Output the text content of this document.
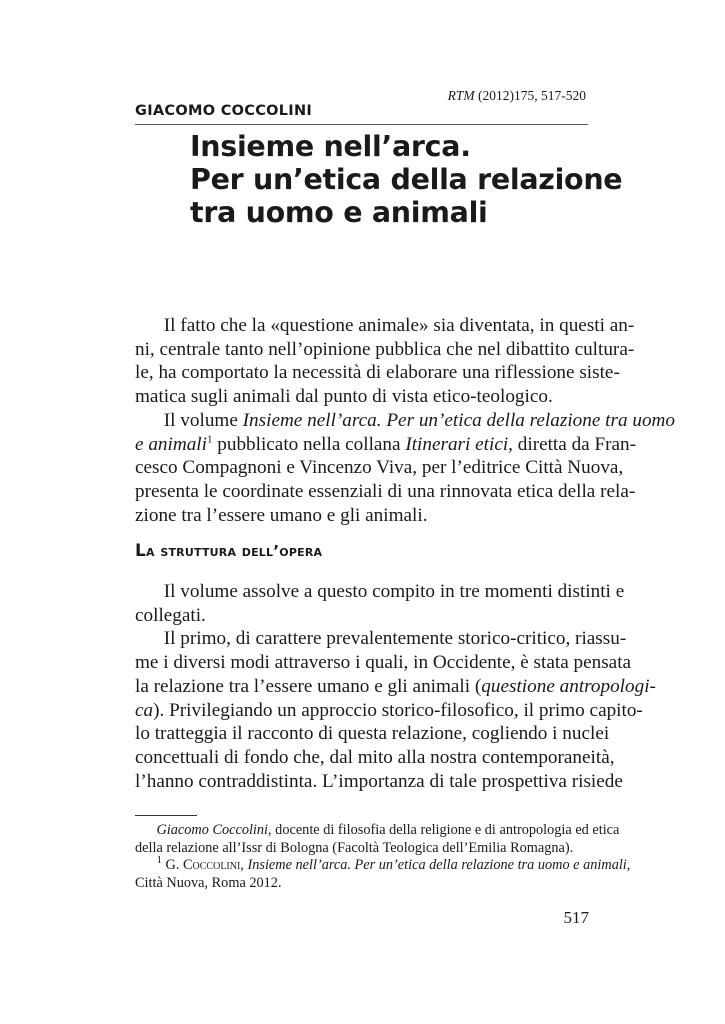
RTM (2012)175, 517-520
GIACOMO COCCOLINI
Insieme nell’arca.
Per un’etica della relazione
tra uomo e animali
  Il fatto che la «questione animale» sia diventata, in questi an-
ni, centrale tanto nell’opinione pubblica che nel dibattito cultura-
le, ha comportato la necessità di elaborare una riflessione siste-
matica sugli animali dal punto di vista etico-teologico.
  Il volume Insieme nell’arca. Per un’etica della relazione tra uomo
e animali$^1$ pubblicato nella collana Itinerari etici, diretta da Fran-
cesco Compagnoni e Vincenzo Viva, per l’editrice Città Nuova,
presenta le coordinate essenziali di una rinnovata etica della rela-
zione tra l’essere umano e gli animali.
La struttura dell’opera
  Il volume assolve a questo compito in tre momenti distinti e
collegati.
  Il primo, di carattere prevalentemente storico-critico, riassu-
me i diversi modi attraverso i quali, in Occidente, è stata pensata
la relazione tra l’essere umano e gli animali (questione antropologi-
ca). Privilegiando un approccio storico-filosofico, il primo capito-
lo tratteggia il racconto di questa relazione, cogliendo i nuclei
concettuali di fondo che, dal mito alla nostra contemporaneità,
l’hanno contraddistinta. L’importanza di tale prospettiva risiede
  Giacomo Coccolini, docente di filosofia della religione e di antropologia ed etica
della relazione all’Issr di Bologna (Facoltà Teologica dell’Emilia Romagna).
  $^1$ G. Coccolini, Insieme nell’arca. Per un’etica della relazione tra uomo e animali,
Città Nuova, Roma 2012.
517
